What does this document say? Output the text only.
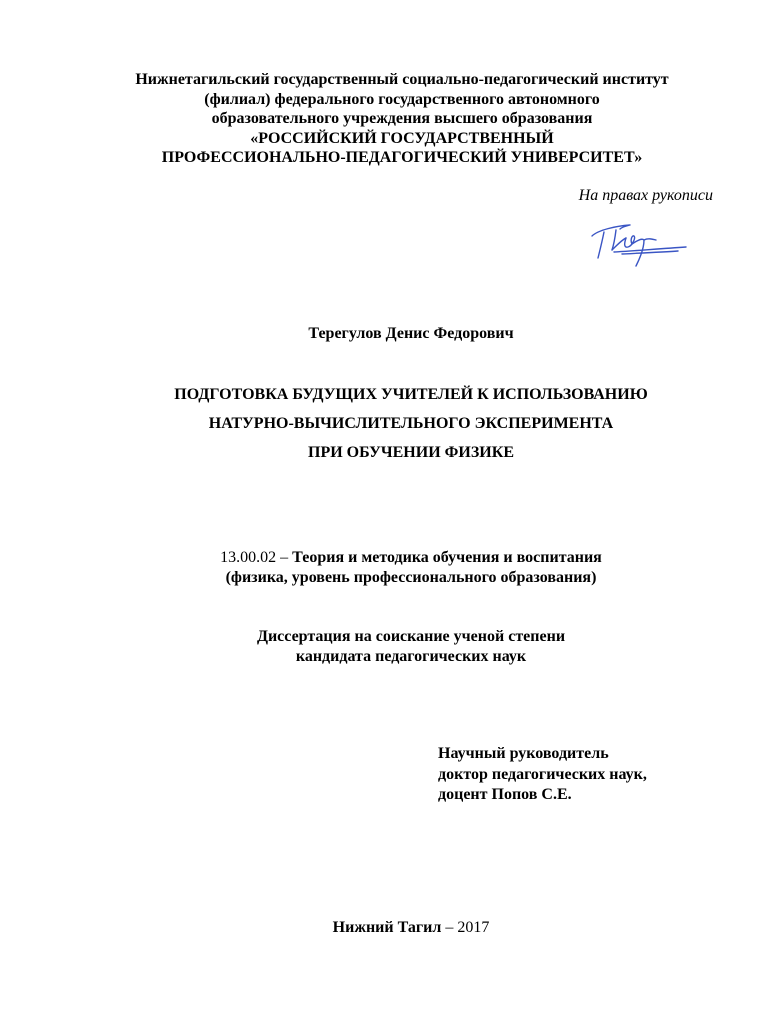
Нижнетагильский государственный социально-педагогический институт
(филиал) федерального государственного автономного
образовательного учреждения высшего образования
«РОССИЙСКИЙ ГОСУДАРСТВЕННЫЙ
ПРОФЕССИОНАЛЬНО-ПЕДАГОГИЧЕСКИЙ УНИВЕРСИТЕТ»
На правах рукописи
Терегулов Денис Федорович
ПОДГОТОВКА БУДУЩИХ УЧИТЕЛЕЙ К ИСПОЛЬЗОВАНИЮ
НАТУРНО-ВЫЧИСЛИТЕЛЬНОГО ЭКСПЕРИМЕНТА
ПРИ ОБУЧЕНИИ ФИЗИКЕ
13.00.02 – Теория и методика обучения и воспитания
(физика, уровень профессионального образования)
Диссертация на соискание ученой степени
кандидата педагогических наук
Научный руководитель
доктор педагогических наук,
доцент Попов С.Е.
Нижний Тагил – 2017
